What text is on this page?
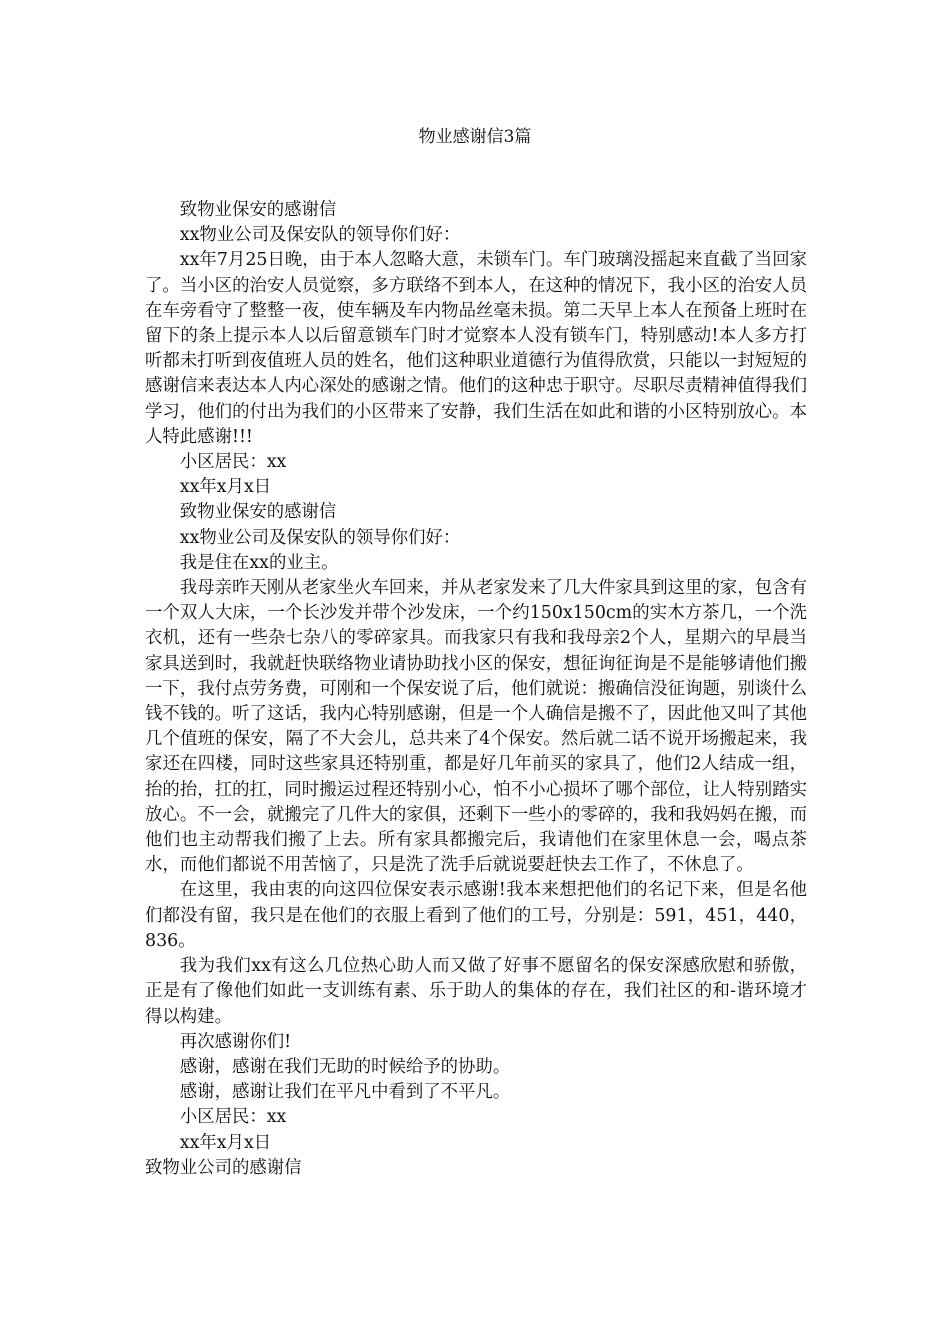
物业感谢信3篇

致物业保安的感谢信

xx物业公司及保安队的领导你们好：

xx年7月25日晚，由于本人忽略大意，未锁车门。车门玻璃没摇起来直截了当回家了。当小区的治安人员觉察，多方联络不到本人，在这种的情况下，我小区的治安人员在车旁看守了整整一夜，使车辆及车内物品丝毫未损。第二天早上本人在预备上班时在留下的条上提示本人以后留意锁车门时才觉察本人没有锁车门，特别感动!本人多方打听都未打听到夜值班人员的姓名，他们这种职业道德行为值得欣赏，只能以一封短短的感谢信来表达本人内心深处的感谢之情。他们的这种忠于职守。尽职尽责精神值得我们学习，他们的付出为我们的小区带来了安静，我们生活在如此和谐的小区特别放心。本人特此感谢!!!

小区居民：xx

xx年x月x日

致物业保安的感谢信

xx物业公司及保安队的领导你们好：

我是住在xx的业主。

我母亲昨天刚从老家坐火车回来，并从老家发来了几大件家具到这里的家，包含有一个双人大床，一个长沙发并带个沙发床，一个约150x150cm的实木方茶几，一个洗衣机，还有一些杂七杂八的零碎家具。而我家只有我和我母亲2个人，星期六的早晨当家具送到时，我就赶快联络物业请协助找小区的保安，想征询征询是不是能够请他们搬一下，我付点劳务费，可刚和一个保安说了后，他们就说：搬确信没征询题，别谈什么钱不钱的。听了这话，我内心特别感谢，但是一个人确信是搬不了，因此他又叫了其他几个值班的保安，隔了不大会儿，总共来了4个保安。然后就二话不说开场搬起来，我家还在四楼，同时这些家具还特别重，都是好几年前买的家具了，他们2人结成一组，抬的抬，扛的扛，同时搬运过程还特别小心，怕不小心损坏了哪个部位，让人特别踏实放心。不一会，就搬完了几件大的家俱，还剩下一些小的零碎的，我和我妈妈在搬，而他们也主动帮我们搬了上去。所有家具都搬完后，我请他们在家里休息一会，喝点茶水，而他们都说不用苦恼了，只是洗了洗手后就说要赶快去工作了，不休息了。

在这里，我由衷的向这四位保安表示感谢!我本来想把他们的名记下来，但是名他们都没有留，我只是在他们的衣服上看到了他们的工号，分别是：591，451，440，836。

我为我们xx有这么几位热心助人而又做了好事不愿留名的保安深感欣慰和骄傲，正是有了像他们如此一支训练有素、乐于助人的集体的存在，我们社区的和-谐环境才得以构建。

再次感谢你们!

感谢，感谢在我们无助的时候给予的协助。

感谢，感谢让我们在平凡中看到了不平凡。

小区居民：xx

xx年x月x日

致物业公司的感谢信
